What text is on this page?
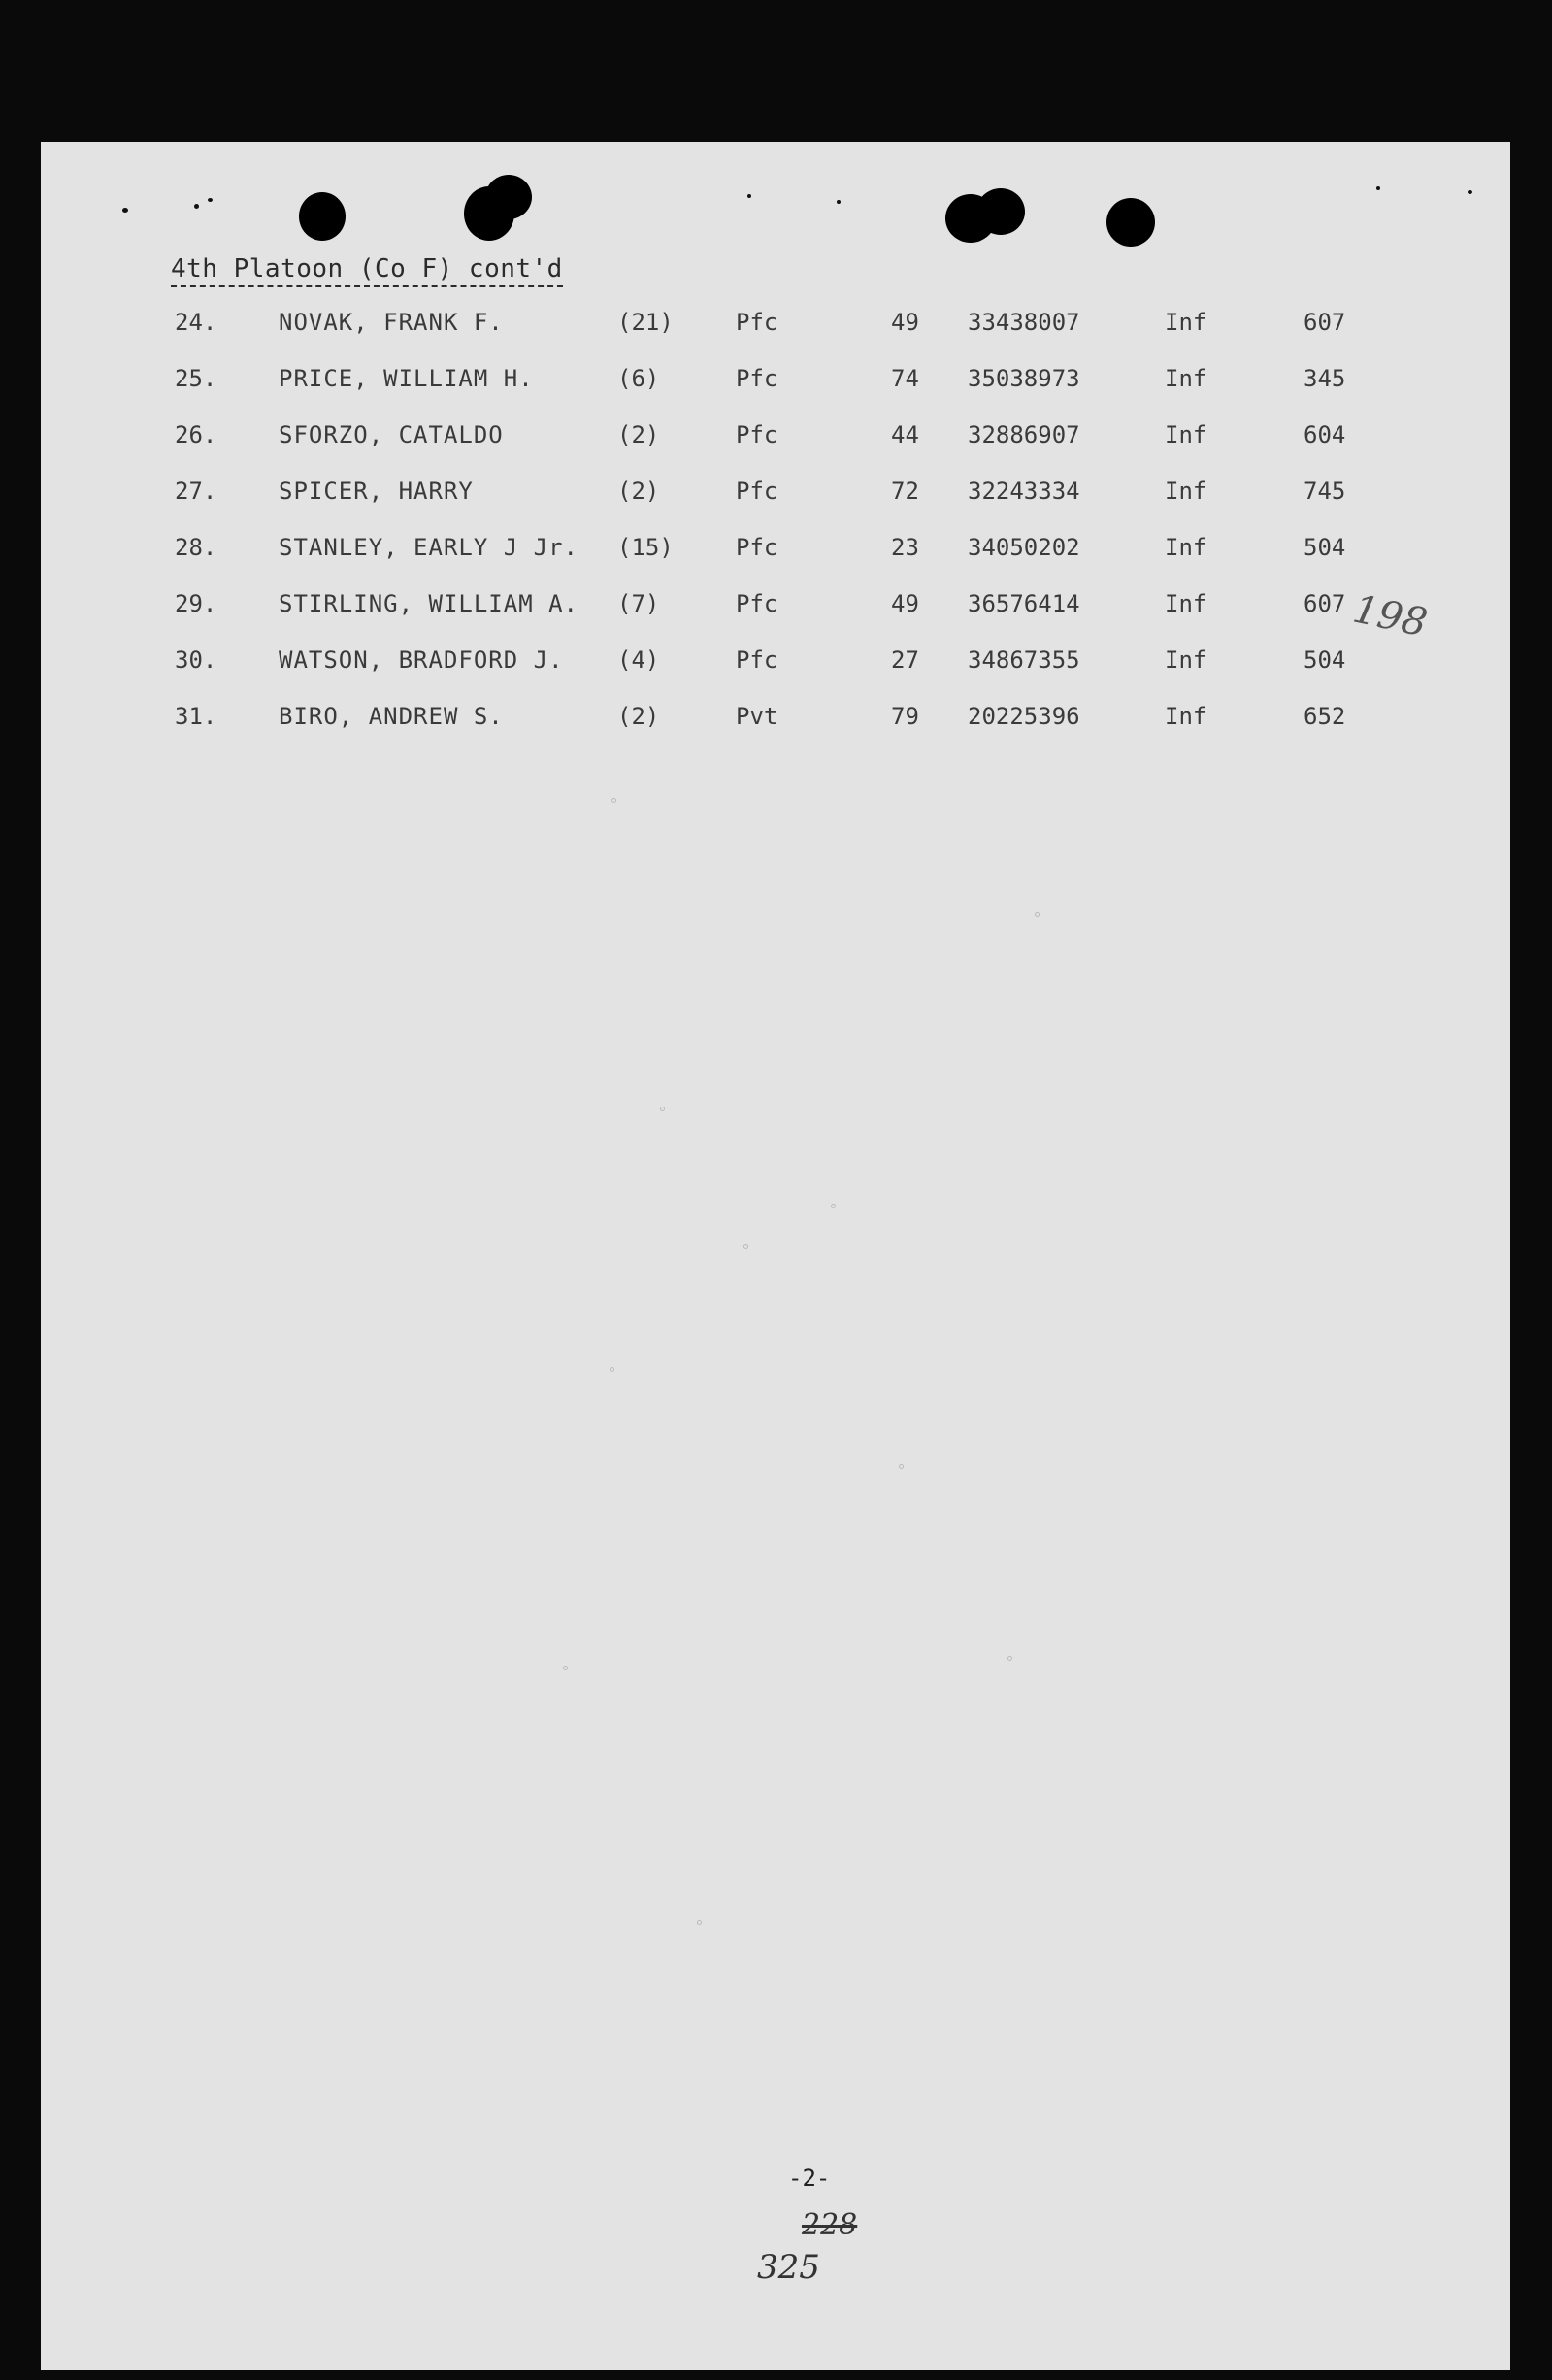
4th Platoon (Co F) cont'd
24.	NOVAK, FRANK F.	(21)	Pfc	49 33438007	Inf	607
25.	PRICE, WILLIAM H.	(6)	Pfc	74 35038973	Inf	345
26.	SFORZO, CATALDO	(2)	Pfc	44 32886907	Inf	604
27.	SPICER, HARRY	(2)	Pfc	72 32243334	Inf	745
28.	STANLEY, EARLY J Jr. (15)	Pfc	23 34050202	Inf	504
29.	STIRLING, WILLIAM A. (7)	Pfc	49 36576414	Inf	607
30.	WATSON, BRADFORD J. (4)	Pfc	27 34867355	Inf	504
31.	BIRO, ANDREW S.	(2)	Pvt	79 20225396	Inf	652
198
-2-
228
325
